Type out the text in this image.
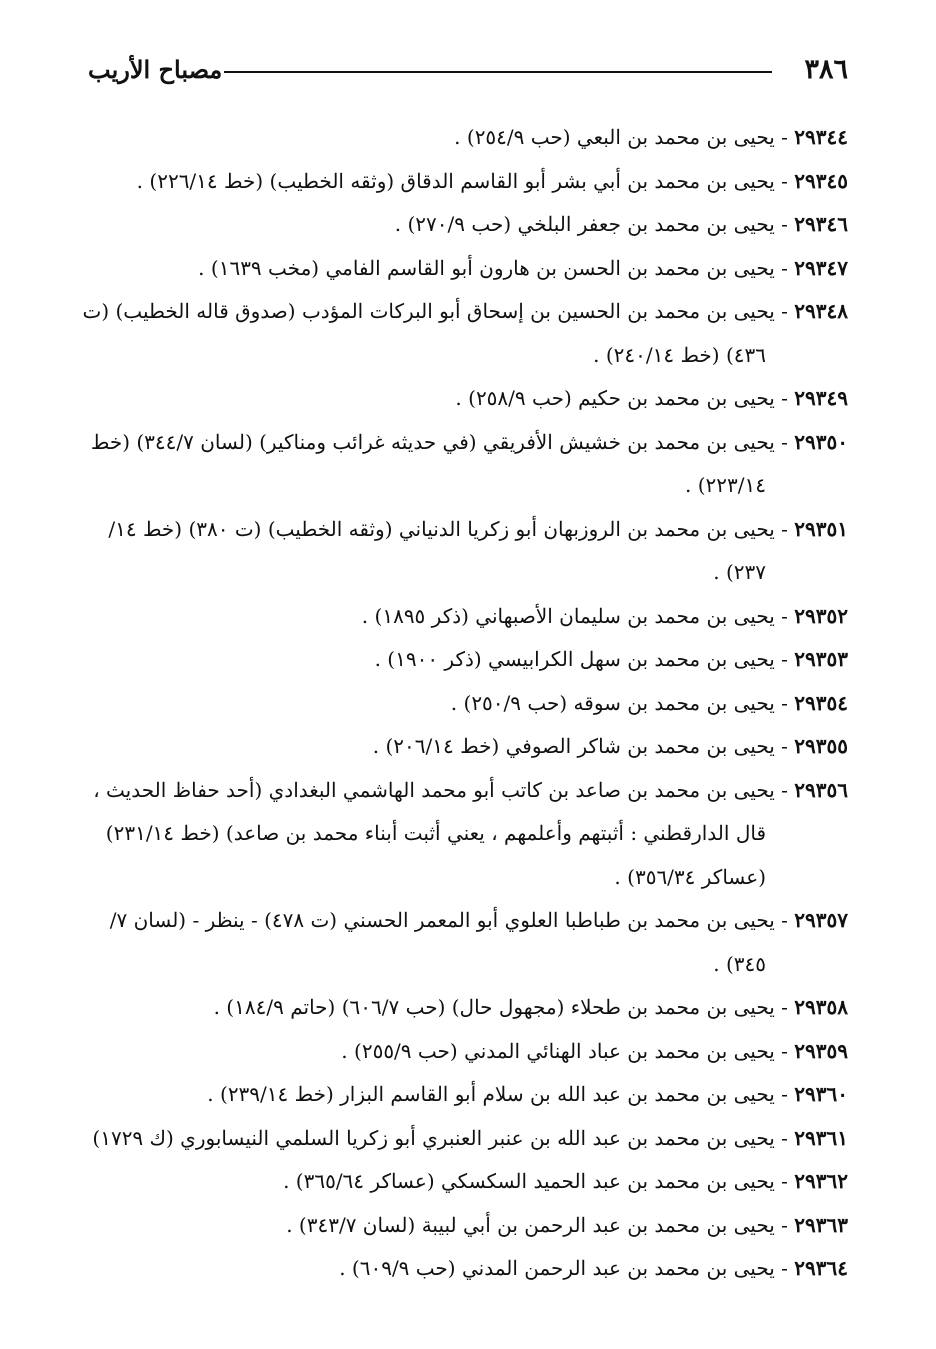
٣٨٦
مصباح الأريب
٢٩٣٤٤ - يحيى بن محمد بن البعي (حب ٢٥٤/٩) .
٢٩٣٤٥ - يحيى بن محمد بن أبي بشر أبو القاسم الدقاق (وثقه الخطيب) (خط ٢٢٦/١٤) .
٢٩٣٤٦ - يحيى بن محمد بن جعفر البلخي (حب ٢٧٠/٩) .
٢٩٣٤٧ - يحيى بن محمد بن الحسن بن هارون أبو القاسم الفامي (مخب ١٦٣٩) .
٢٩٣٤٨ - يحيى بن محمد بن الحسين بن إسحاق أبو البركات المؤدب (صدوق قاله الخطيب) (ت ٤٣٦) (خط ٢٤٠/١٤) .
٢٩٣٤٩ - يحيى بن محمد بن حكيم (حب ٢٥٨/٩) .
٢٩٣٥٠ - يحيى بن محمد بن خشيش الأفريقي (في حديثه غرائب ومناكير) (لسان ٣٤٤/٧) (خط ٢٢٣/١٤) .
٢٩٣٥١ - يحيى بن محمد بن الروزبهان أبو زكريا الدنياني (وثقه الخطيب) (ت ٣٨٠) (خط ١٤/ ٢٣٧) .
٢٩٣٥٢ - يحيى بن محمد بن سليمان الأصبهاني (ذكر ١٨٩٥) .
٢٩٣٥٣ - يحيى بن محمد بن سهل الكرابيسي (ذكر ١٩٠٠) .
٢٩٣٥٤ - يحيى بن محمد بن سوقه (حب ٢٥٠/٩) .
٢٩٣٥٥ - يحيى بن محمد بن شاكر الصوفي (خط ٢٠٦/١٤) .
٢٩٣٥٦ - يحيى بن محمد بن صاعد بن كاتب أبو محمد الهاشمي البغدادي (أحد حفاظ الحديث ، قال الدارقطني : أثبتهم وأعلمهم ، يعني أثبت أبناء محمد بن صاعد) (خط ٢٣١/١٤) (عساكر ٣٥٦/٣٤) .
٢٩٣٥٧ - يحيى بن محمد بن طباطبا العلوي أبو المعمر الحسني (ت ٤٧٨) - ينظر - (لسان ٧/ ٣٤٥) .
٢٩٣٥٨ - يحيى بن محمد بن طحلاء (مجهول حال) (حب ٦٠٦/٧) (حاتم ١٨٤/٩) .
٢٩٣٥٩ - يحيى بن محمد بن عباد الهنائي المدني (حب ٢٥٥/٩) .
٢٩٣٦٠ - يحيى بن محمد بن عبد الله بن سلام أبو القاسم البزار (خط ٢٣٩/١٤) .
٢٩٣٦١ - يحيى بن محمد بن عبد الله بن عنبر العنبري أبو زكريا السلمي النيسابوري (ك ١٧٢٩)
٢٩٣٦٢ - يحيى بن محمد بن عبد الحميد السكسكي (عساكر ٣٦٥/٦٤) .
٢٩٣٦٣ - يحيى بن محمد بن عبد الرحمن بن أبي لبيبة (لسان ٣٤٣/٧) .
٢٩٣٦٤ - يحيى بن محمد بن عبد الرحمن المدني (حب ٦٠٩/٩) .
